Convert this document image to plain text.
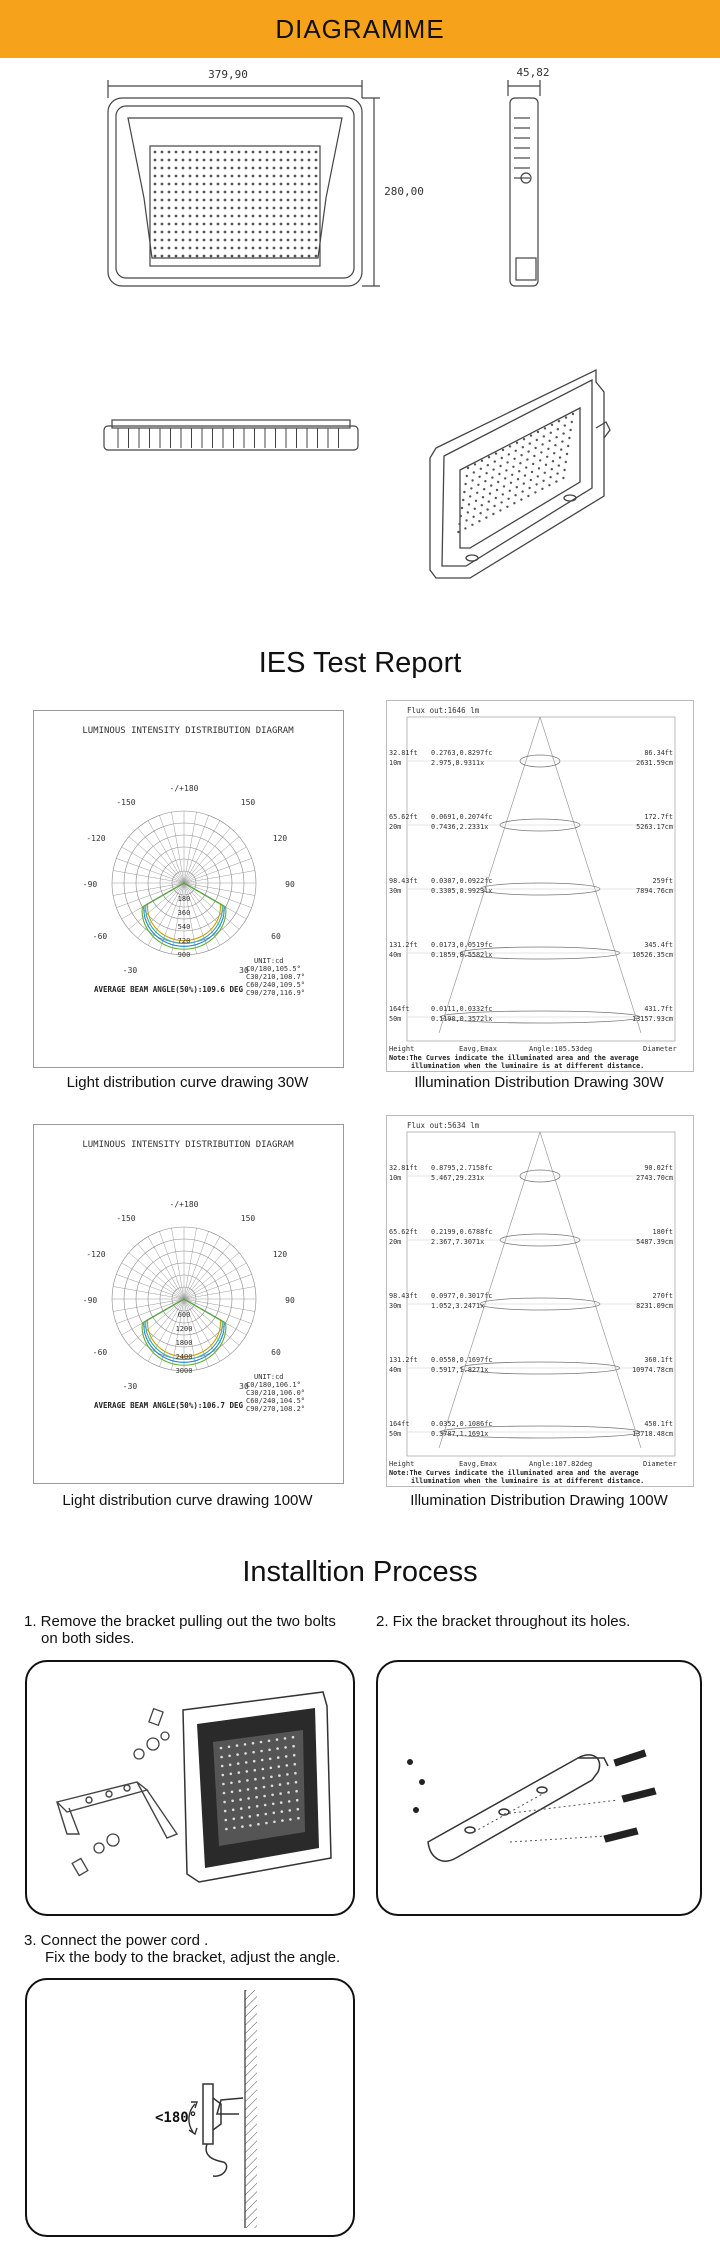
DIAGRAMME
379,90
280,00
45,82
IES Test Report
LUMINOUS INTENSITY DISTRIBUTION DIAGRAM
-/+180
-150	150
-120	120
-90	90
-60	60
-30	30
180
360
540
720
900
UNIT:cd
C0/180,105.5°
C30/210,108.7°
C60/240,109.5°
C90/270,116.9°
AVERAGE BEAM ANGLE(50%):109.6 DEG
Flux out:1646 lm
32.81ft
10m
0.2763,0.8297fc
2.975,8.9311x
86.34ft
2631.59cm
65.62ft
20m
0.0691,0.2074fc
0.7436,2.2331x
172.7ft
5263.17cm
98.43ft
30m
0.0307,0.0922fc
0.3305,0.9923lx
259ft
7894.76cm
131.2ft
40m
0.0173,0.0519fc
0.1859,0.5582lx
345.4ft
10526.35cm
164ft
50m
0.0111,0.0332fc
0.1190,0.3572lx
431.7ft
13157.93cm
Height	Eavg,Emax	Angle:105.53deg	Diameter
Note:The Curves indicate the illuminated area and the average
illumination when the luminaire is at different distance.
Light distribution curve drawing 30W	Illumination Distribution Drawing 30W
LUMINOUS INTENSITY DISTRIBUTION DIAGRAM
-/+180
-150	150
-120	120
-90	90
-60	60
-30	30
600
1200
1800
2400
3000
UNIT:cd
C0/180,106.1°
C30/210,106.0°
C60/240,104.5°
C90/270,108.2°
AVERAGE BEAM ANGLE(50%):106.7 DEG
Flux out:5634 lm
32.81ft
10m
0.8795,2.7158fc
5.467,29.231x
90.02ft
2743.70cm
65.62ft
20m
0.2199,0.6788fc
2.367,7.3071x
180ft
5487.39cm
98.43ft
30m
0.0977,0.3017fc
1.052,3.2471x
270ft
8231.09cm
131.2ft
40m
0.0550,0.1697fc
0.5917,1.8271x
360.1ft
10974.78cm
164ft
50m
0.0352,0.1086fc
0.3787,1.1691x
450.1ft
13718.48cm
Height	Eavg,Emax	Angle:107.82deg	Diameter
Note:The Curves indicate the illuminated area and the average
illumination when the luminaire is at different distance.
Light distribution curve drawing 100W	Illumination Distribution Drawing 100W
Installtion Process
1. Remove the bracket pulling out the two bolts
on both sides.
2. Fix the bracket throughout its holes.
3. Connect the power cord .
Fix the body to the bracket, adjust the angle.
<180°
